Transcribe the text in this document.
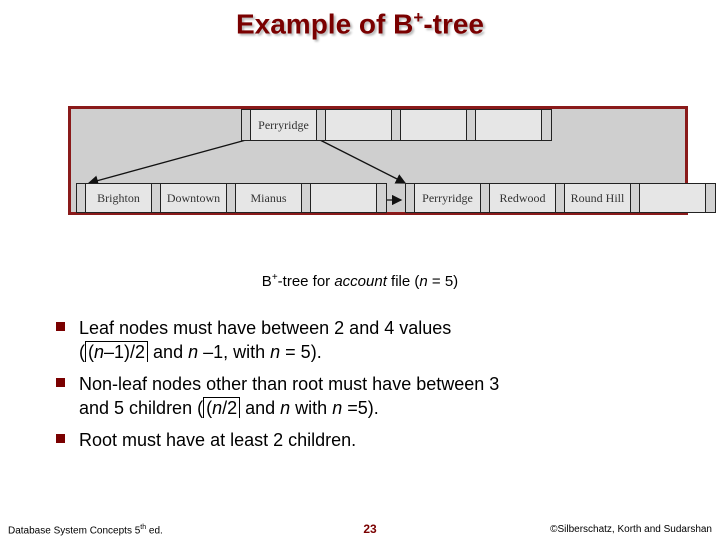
Example of B+-tree
Perryridge
Brighton	Downtown	Mianus	Perryridge	Redwood	Round Hill
B+-tree for account file (n = 5)
Leaf nodes must have between 2 and 4 values
( (n–1)/2 and n –1, with n = 5).
Non-leaf nodes other than root must have between 3
and 5 children ( (n/2 and n with n =5).
Root must have at least 2 children.
Database System Concepts 5th ed.	23	©Silberschatz, Korth and Sudarshan
